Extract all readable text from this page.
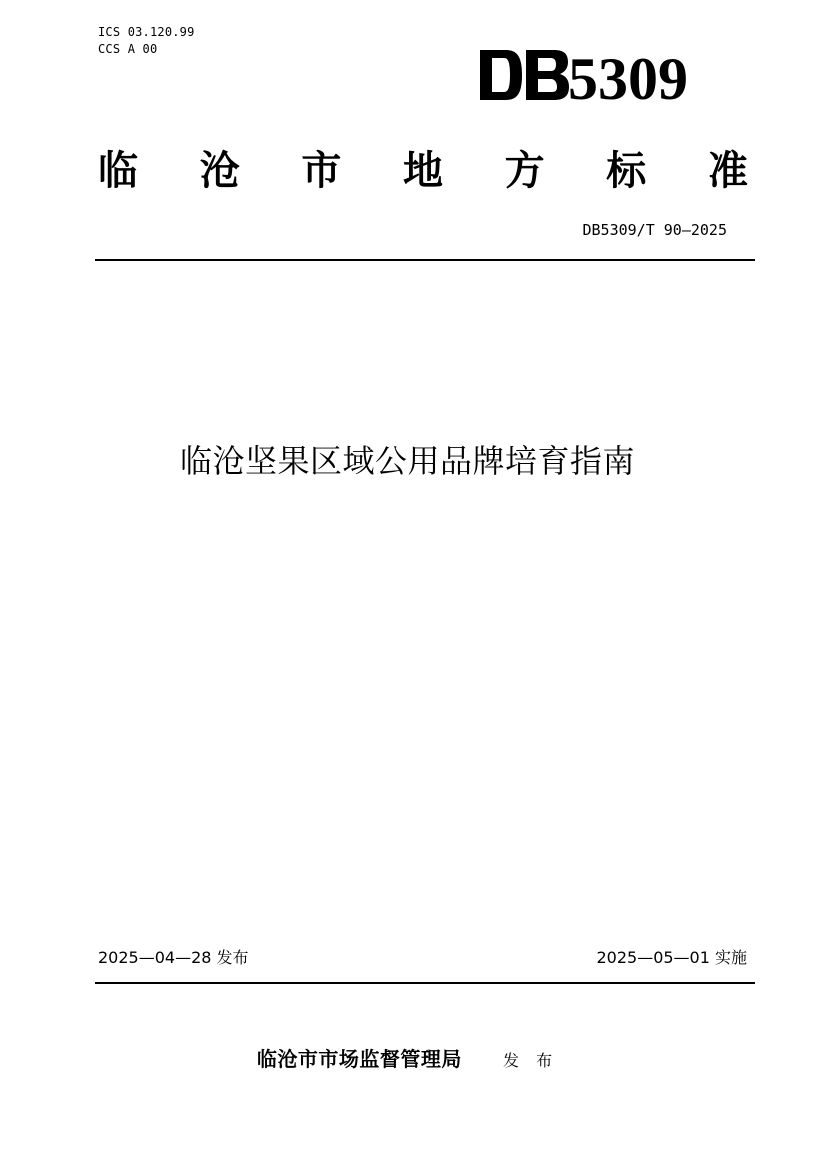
ICS 03.120.99
CCS A 00	5309
临 沧 市 地 方 标 准
DB5309/T 90—2025
临沧坚果区域公用品牌培育指南
2025—04—28 发布	2025—05—01 实施
临沧市市场监督管理局	发 布
